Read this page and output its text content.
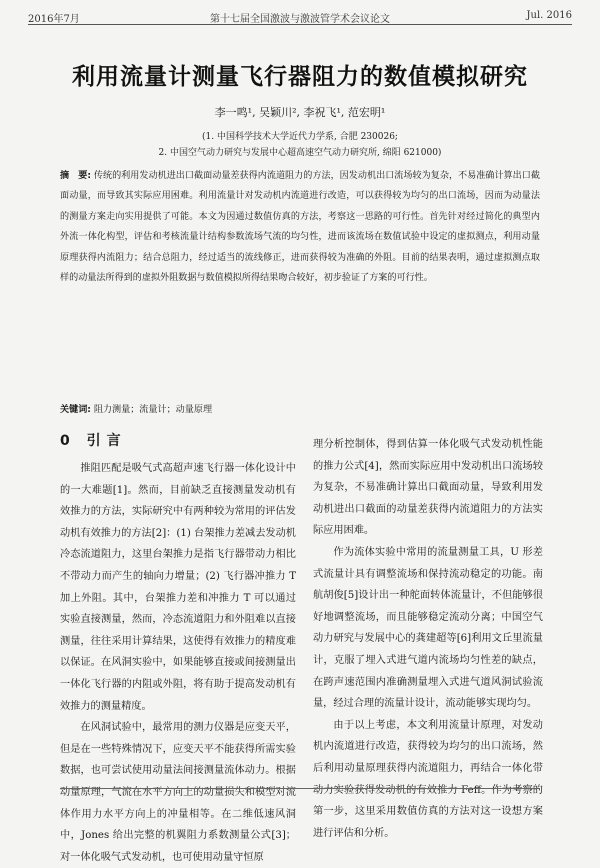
2016年7月	第十七届全国激波与激波管学术会议论文	Jul. 2016
利用流量计测量飞行器阻力的数值模拟研究
李一鸣¹, 吴颖川², 李祝飞¹, 范宏明¹
(1. 中国科学技术大学近代力学系, 合肥 230026;
2. 中国空气动力研究与发展中心超高速空气动力研究所, 绵阳 621000)
摘　要: 传统的利用发动机进出口截面动量差获得内流道阻力的方法，因发动机出口流场较为复杂，不易准确计算出口截面动量，而导致其实际应用困难。利用流量计对发动机内流道进行改造，可以获得较为均匀的出口流场，因而为动量法的测量方案走向实用提供了可能。本文为因通过数值仿真的方法，考察这一思路的可行性。首先针对经过简化的典型内外流一体化构型，评估和考核流量计结构参数流场气流的均匀性，进而该流场在数值试验中设定的虚拟测点，利用动量原理获得内流阻力；结合总阻力，经过适当的流线修正，进而获得较为准确的外阻。目前的结果表明，通过虚拟测点取样的动量法所得到的虚拟外阻数据与数值模拟所得结果吻合较好，初步验证了方案的可行性。
关键词: 阻力测量；流量计；动量原理
0 引言

推阻匹配是吸气式高超声速飞行器一体化设计中的一大难题[1]。然而，目前缺乏直接测量发动机有效推力的方法，实际研究中有两种较为常用的评估发动机有效推力的方法[2]：(1) 台架推力差减去发动机冷态流道阻力，这里台架推力是指飞行器带动力相比不带动力而产生的轴向力增量；(2) 飞行器冲推力 T 加上外阻。其中，台架推力差和冲推力 T 可以通过实验直接测量，然而，冷态流道阻力和外阻难以直接测量，往往采用计算结果，这使得有效推力的精度难以保证。在风洞实验中，如果能够直接或间接测量出一体化飞行器的内阻或外阻，将有助于提高发动机有效推力的测量精度。

在风洞试验中，最常用的测力仪器是应变天平，但是在一些特殊情况下，应变天平不能获得所需实验数据，也可尝试使用动量法间接测量流体动力。根据动量原理，气流在水平方向上的动量损失和模型对流体作用力水平方向上的冲量相等。在二维低速风洞中，Jones 给出完整的机翼阻力系数测量公式[3]；对一体化吸气式发动机，也可使用动量守恒原

理分析控制体，得到估算一体化吸气式发动机性能的推力公式[4]，然而实际应用中发动机出口流场较为复杂，不易准确计算出口截面动量，导致利用发动机进出口截面的动量差获得内流道阻力的方法实际应用困难。

作为流体实验中常用的流量测量工具，U 形差式流量计具有调整流场和保持流动稳定的功能。南航胡俊[5]设计出一种舵面转体流量计，不但能够很好地调整流场，而且能够稳定流动分离；中国空气动力研究与发展中心的龚建超等[6]利用文丘里流量计，克服了埋入式进气道内流场均匀性差的缺点，在跨声速范围内准确测量埋入式进气道风洞试验流量，经过合理的流量计设计，流动能够实现均匀。

由于以上考虑，本文利用流量计原理，对发动机内流道进行改造，获得较为均匀的出口流场，然后利用动量原理获得内流道阻力，再结合一体化带动力实验获得发动机的有效推力 Feff。作为考察的第一步，这里采用数值仿真的方法对这一设想方案进行评估和分析。
